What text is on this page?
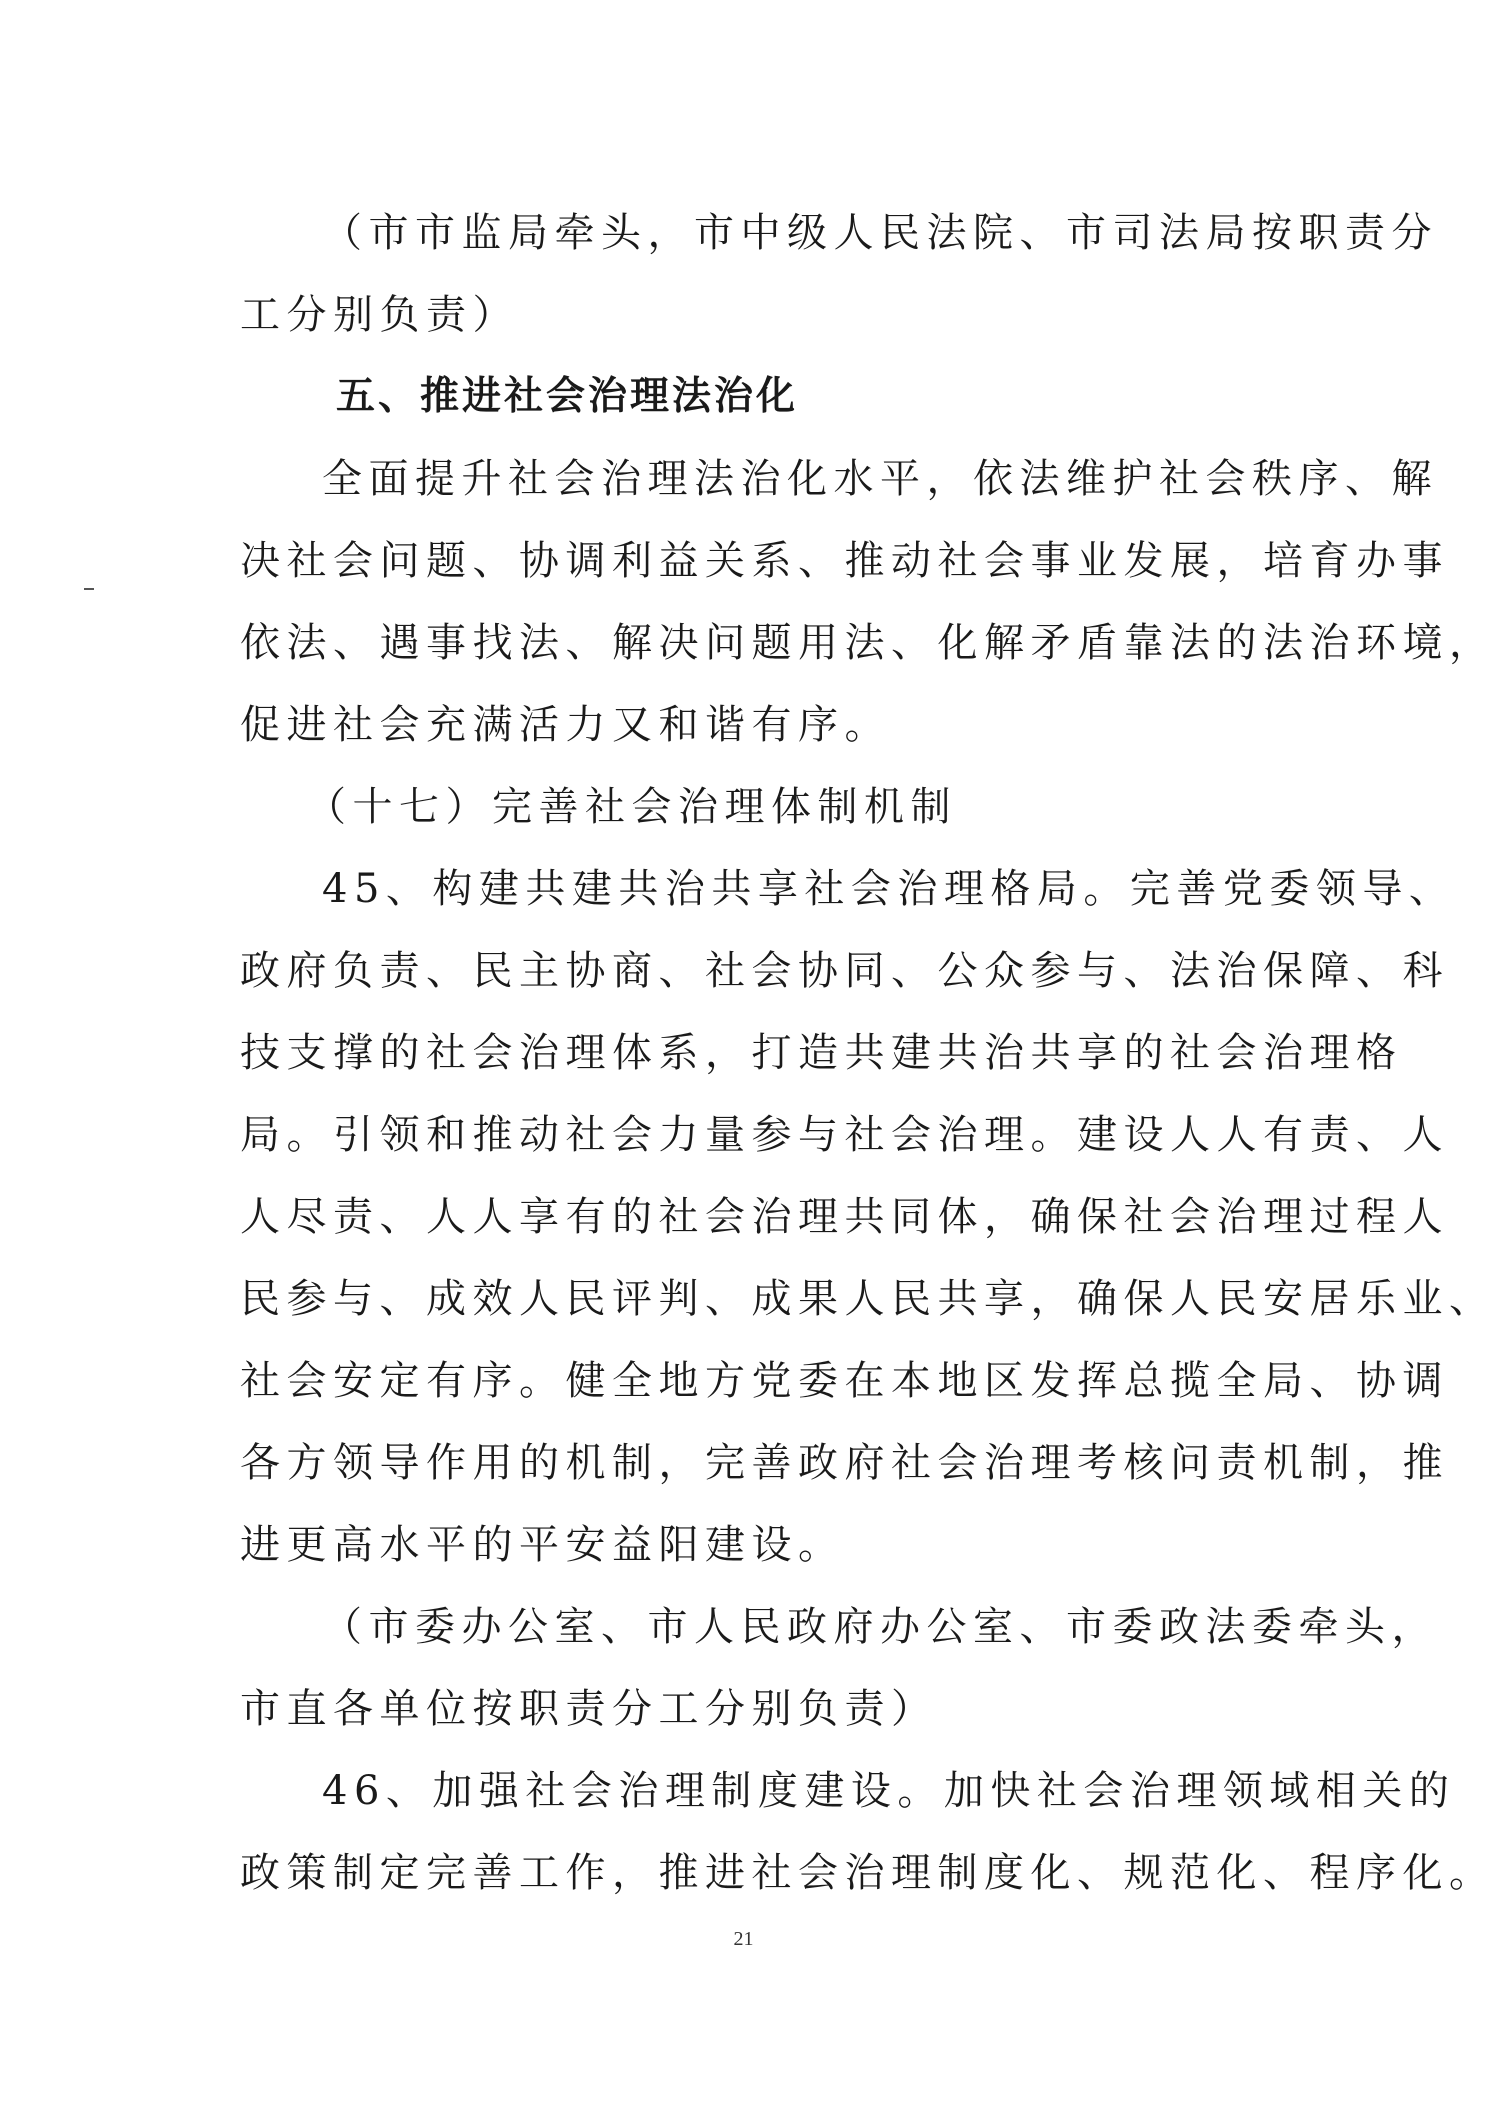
（市市监局牵头，市中级人民法院、市司法局按职责分
工分别负责）
五、推进社会治理法治化
全面提升社会治理法治化水平，依法维护社会秩序、解
决社会问题、协调利益关系、推动社会事业发展，培育办事
依法、遇事找法、解决问题用法、化解矛盾靠法的法治环境，
促进社会充满活力又和谐有序。
（十七）完善社会治理体制机制
45、构建共建共治共享社会治理格局。完善党委领导、
政府负责、民主协商、社会协同、公众参与、法治保障、科
技支撑的社会治理体系，打造共建共治共享的社会治理格
局。引领和推动社会力量参与社会治理。建设人人有责、人
人尽责、人人享有的社会治理共同体，确保社会治理过程人
民参与、成效人民评判、成果人民共享，确保人民安居乐业、
社会安定有序。健全地方党委在本地区发挥总揽全局、协调
各方领导作用的机制，完善政府社会治理考核问责机制，推
进更高水平的平安益阳建设。
（市委办公室、市人民政府办公室、市委政法委牵头，
市直各单位按职责分工分别负责）
46、加强社会治理制度建设。加快社会治理领域相关的
政策制定完善工作，推进社会治理制度化、规范化、程序化。
21
